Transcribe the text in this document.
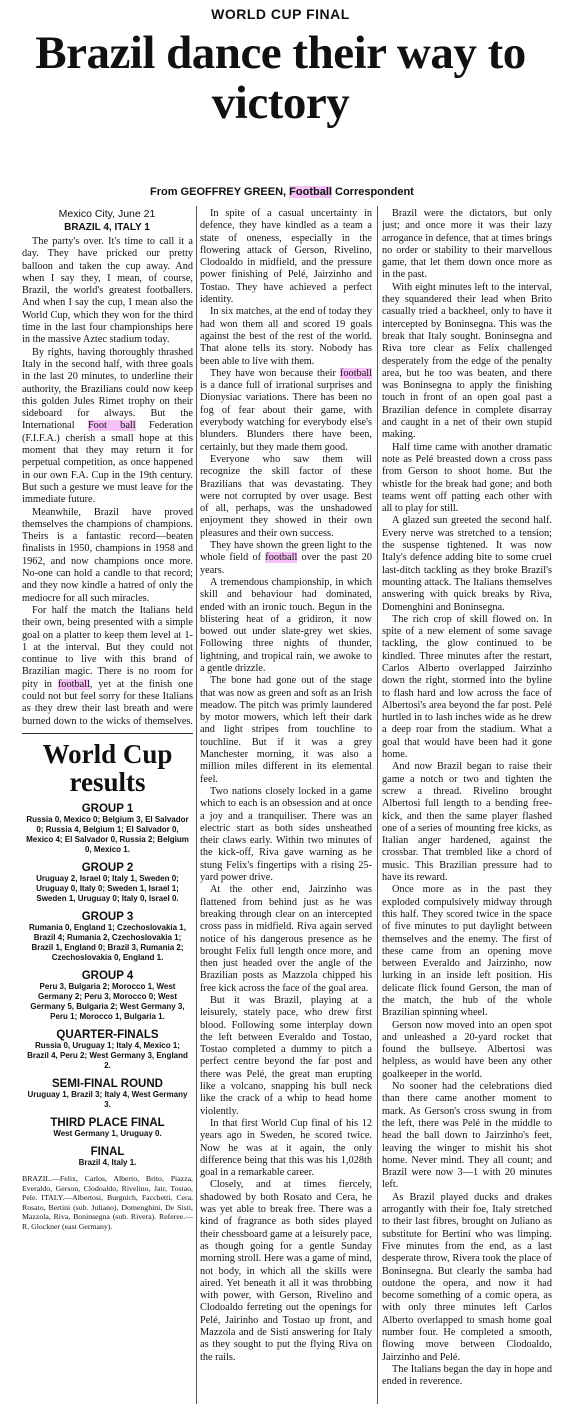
WORLD CUP FINAL
Brazil dance their way to victory
From GEOFFREY GREEN, Football Correspondent
Mexico City, June 21
BRAZIL 4, ITALY 1

The party's over. It's time to call it a day. They have pricked our pretty balloon and taken the cup away. And when I say they, I mean, of course, Brazil, the world's greatest footballers. And when I say the cup, I mean also the World Cup, which they won for the third time in the last four championships here in the massive Aztec stadium today.

By rights, having thoroughly thrashed Italy in the second half, with three goals in the last 20 minutes, to underline their authority, the Brazilians could now keep this golden Jules Rimet trophy on their sideboard for always. But the International Foot ball Federation (F.I.F.A.) cherish a small hope at this moment that they may return it for perpetual competition, as once happened in our own F.A. Cup in the 19th century. But such a gesture we must leave for the immediate future.

Meanwhile, Brazil have proved themselves the champions of champions. Theirs is a fantastic record—beaten finalists in 1950, champions in 1958 and 1962, and now champions once more. No-one can hold a candle to that record; and they now kindle a hatred of only the mediocre for all such miracles.

For half the match the Italians held their own, being presented with a simple goal on a platter to keep them level at 1-1 at the interval. But they could not continue to live with this brand of Brazilian magic. There is no room for pity in football, yet at the finish one could not but feel sorry for these Italians as they drew their last breath and were burned down to the wicks of themselves.

In spite of a casual uncertainty in defence, they have kindled as a team a state of oneness, especially in the flowering attack of Gerson, Rivelino, Clodoaldo in midfield, and the pressure power finishing of Pelé, Jairzinho and Tostao. They have achieved a perfect identity.

In six matches, at the end of today they had won them all and scored 19 goals against the best of the rest of the world. That alone tells its story. Nobody has been able to live with them.

They have won because their football is a dance full of irrational surprises and Dionysiac variations. There has been no fog of fear about their game, with everybody watching for everybody else's blunders. Blunders there have been, certainly, but they made them good.

Everyone who saw them will recognize the skill factor of these Brazilians that was devastating. They were not corrupted by over usage. Best of all, perhaps, was the unshadowed enjoyment they showed in their own pleasures and their own success.

They have shown the green light to the whole field of football over the past 20 years.

A tremendous championship, in which skill and behaviour had dominated, ended with an ironic touch. Begun in the blistering heat of a gridiron, it now bowed out under slate-grey wet skies. Following three nights of thunder, lightning, and tropical rain, we awoke to a gentle drizzle.

The bone had gone out of the stage that was now as green and soft as an Irish meadow. The pitch was primly laundered by motor mowers, which left their dark and light stripes from touchline to touchline. But if it was a grey Manchester morning, it was also a million miles different in its elemental feel.

Two nations closely locked in a game which to each is an obsession and at once a joy and a tranquiliser. There was an electric start as both sides unsheathed their claws early. Within two minutes of the kick-off, Riva gave warning as he stung Felix's fingertips with a rising 25-yard power drive.

At the other end, Jairzinho was flattened from behind just as he was breaking through clear on an intercepted cross pass in midfield. Riva again served notice of his dangerous presence as he brought Felix full length once more, and then just headed over the angle of the Brazilian posts as Mazzola chipped his free kick across the face of the goal area.

But it was Brazil, playing at a leisurely, stately pace, who drew first blood. Following some interplay down the left between Everaldo and Tostao, Tostao completed a dummy to pitch a perfect centre beyond the far post and there was Pelé, the great man erupting like a volcano, snapping his bull neck like the crack of a whip to head home violently.

In that first World Cup final of his 12 years ago in Sweden, he scored twice. Now he was at it again, the only difference being that this was his 1,028th goal in a remarkable career.

Closely, and at times fiercely, shadowed by both Rosato and Cera, he was yet able to break free. There was a kind of fragrance as both sides played their chessboard game at a leisurely pace, as though going for a gentle Sunday morning stroll. Here was a game of mind, not body, in which all the skills were aired. Yet beneath it all it was throbbing with power, with Gerson, Rivelino and Clodoaldo ferreting out the openings for Pelé, Jairinho and Tostao up front, and Mazzola and de Sisti answering for Italy as they sought to put the flying Riva on the rails.

Brazil were the dictators, but only just; and once more it was their lazy arrogance in defence, that at times brings no order or stability to their marvellous game, that let them down once more as in the past.

With eight minutes left to the interval, they squandered their lead when Brito casually tried a backheel, only to have it intercepted by Boninsegna. This was the break that Italy sought. Boninsegna and Riva tore clear as Felix challenged desperately from the edge of the penalty area, but he too was beaten, and there was Boninsegna to apply the finishing touch in front of an open goal past a Brazilian defence in complete disarray and caught in a net of their own stupid making.

Half time came with another dramatic note as Pelé breasted down a cross pass from Gerson to shoot home. But the whistle for the break had gone; and both teams went off patting each other with all to play for still.

A glazed sun greeted the second half. Every nerve was stretched to a tension; the suspense tightened. It was now Italy's defence adding bite to some cruel last-ditch tackling as they broke Brazil's mounting attack. The Italians themselves answering with quick breaks by Riva, Domenghini and Boninsegna.

The rich crop of skill flowed on. In spite of a new element of some savage tackling, the glow continued to be kindled. Three minutes after the restart, Carlos Alberto overlapped Jairzinho down the right, stormed into the byline to flash hard and low across the face of Albertosi's area beyond the far post. Pelé hurtled in to lash inches wide as he drew a deep roar from the stadium. What a goal that would have been had it gone home.

And now Brazil began to raise their game a notch or two and tighten the screw a thread. Rivelino brought Albertosi full length to a bending free-kick, and then the same player flashed one of a series of mounting free kicks, as Italian anger hardened, against the crossbar. That trembled like a chord of music. This Brazilian pressure had to have its reward.

Once more as in the past they exploded compulsively midway through this half. They scored twice in the space of five minutes to put daylight between themselves and the enemy. The first of these came from an opening move between Everaldo and Jairzinho, now lurking in an inside left position. His delicate flick found Gerson, the man of the match, the hub of the whole Brazilian spinning wheel.

Gerson now moved into an open spot and unleashed a 20-yard rocket that found the bullseye. Albertosi was helpless, as would have been any other goalkeeper in the world.

No sooner had the celebrations died than there came another moment to mark. As Gerson's cross swung in from the left, there was Pelé in the middle to head the ball down to Jairzinho's feet, leaving the winger to mishit his shot home. Never mind. They all count; and Brazil were now 3—1 with 20 minutes left.

As Brazil played ducks and drakes arrogantly with their foe, Italy stretched to their last fibres, brought on Juliano as substitute for Bertini who was limping. Five minutes from the end, as a last desperate throw, Rivera took the place of Boninsegna. But clearly the samba had outdone the opera, and now it had become something of a comic opera, as with only three minutes left Carlos Alberto overlapped to smash home goal number four. He completed a smooth, flowing move between Clodoaldo, Jairzinho and Pelé.

The Italians began the day in hope and ended in reverence.

World Cup results
GROUP 1
Russia 0, Mexico 0; Belgium 3, El Salvador 0; Russia 4, Belgium 1; El Salvador 0, Mexico 4; El Salvador 0, Russia 2; Belgium 0, Mexico 1.
GROUP 2
Uruguay 2, Israel 0; Italy 1, Sweden 0; Uruguay 0, Italy 0; Sweden 1, Israel 1; Sweden 1, Uruguay 0; Italy 0, Israel 0.
GROUP 3
Rumania 0, England 1; Czechoslovakia 1, Brazil 4; Rumania 2, Czechoslovakia 1; Brazil 1, England 0; Brazil 3, Rumania 2; Czechoslovakia 0, England 1.
GROUP 4
Peru 3, Bulgaria 2; Morocco 1, West Germany 2; Peru 3, Morocco 0; West Germany 5, Bulgaria 2; West Germany 3, Peru 1; Morocco 1, Bulgaria 1.
QUARTER-FINALS
Russia 0, Uruguay 1; Italy 4, Mexico 1; Brazil 4, Peru 2; West Germany 3, England 2.
SEMI-FINAL ROUND
Uruguay 1, Brazil 3; Italy 4, West Germany 3.
THIRD PLACE FINAL
West Germany 1, Uruguay 0.
FINAL
Brazil 4, Italy 1.
BRAZIL.—Felix, Carlos, Alberto, Brito, Piazza, Everaldo, Gerson, Clodoaldo, Rivelino, Jair, Tostao, Pele. ITALY.—Albertosi, Burgnich, Facchetti, Cera, Rosato, Bertini (sub. Juliano), Domenghini, De Sisti, Mazzola, Riva, Boninsegna (sub. Rivera). Referee.—R. Glockner (east Germany).
